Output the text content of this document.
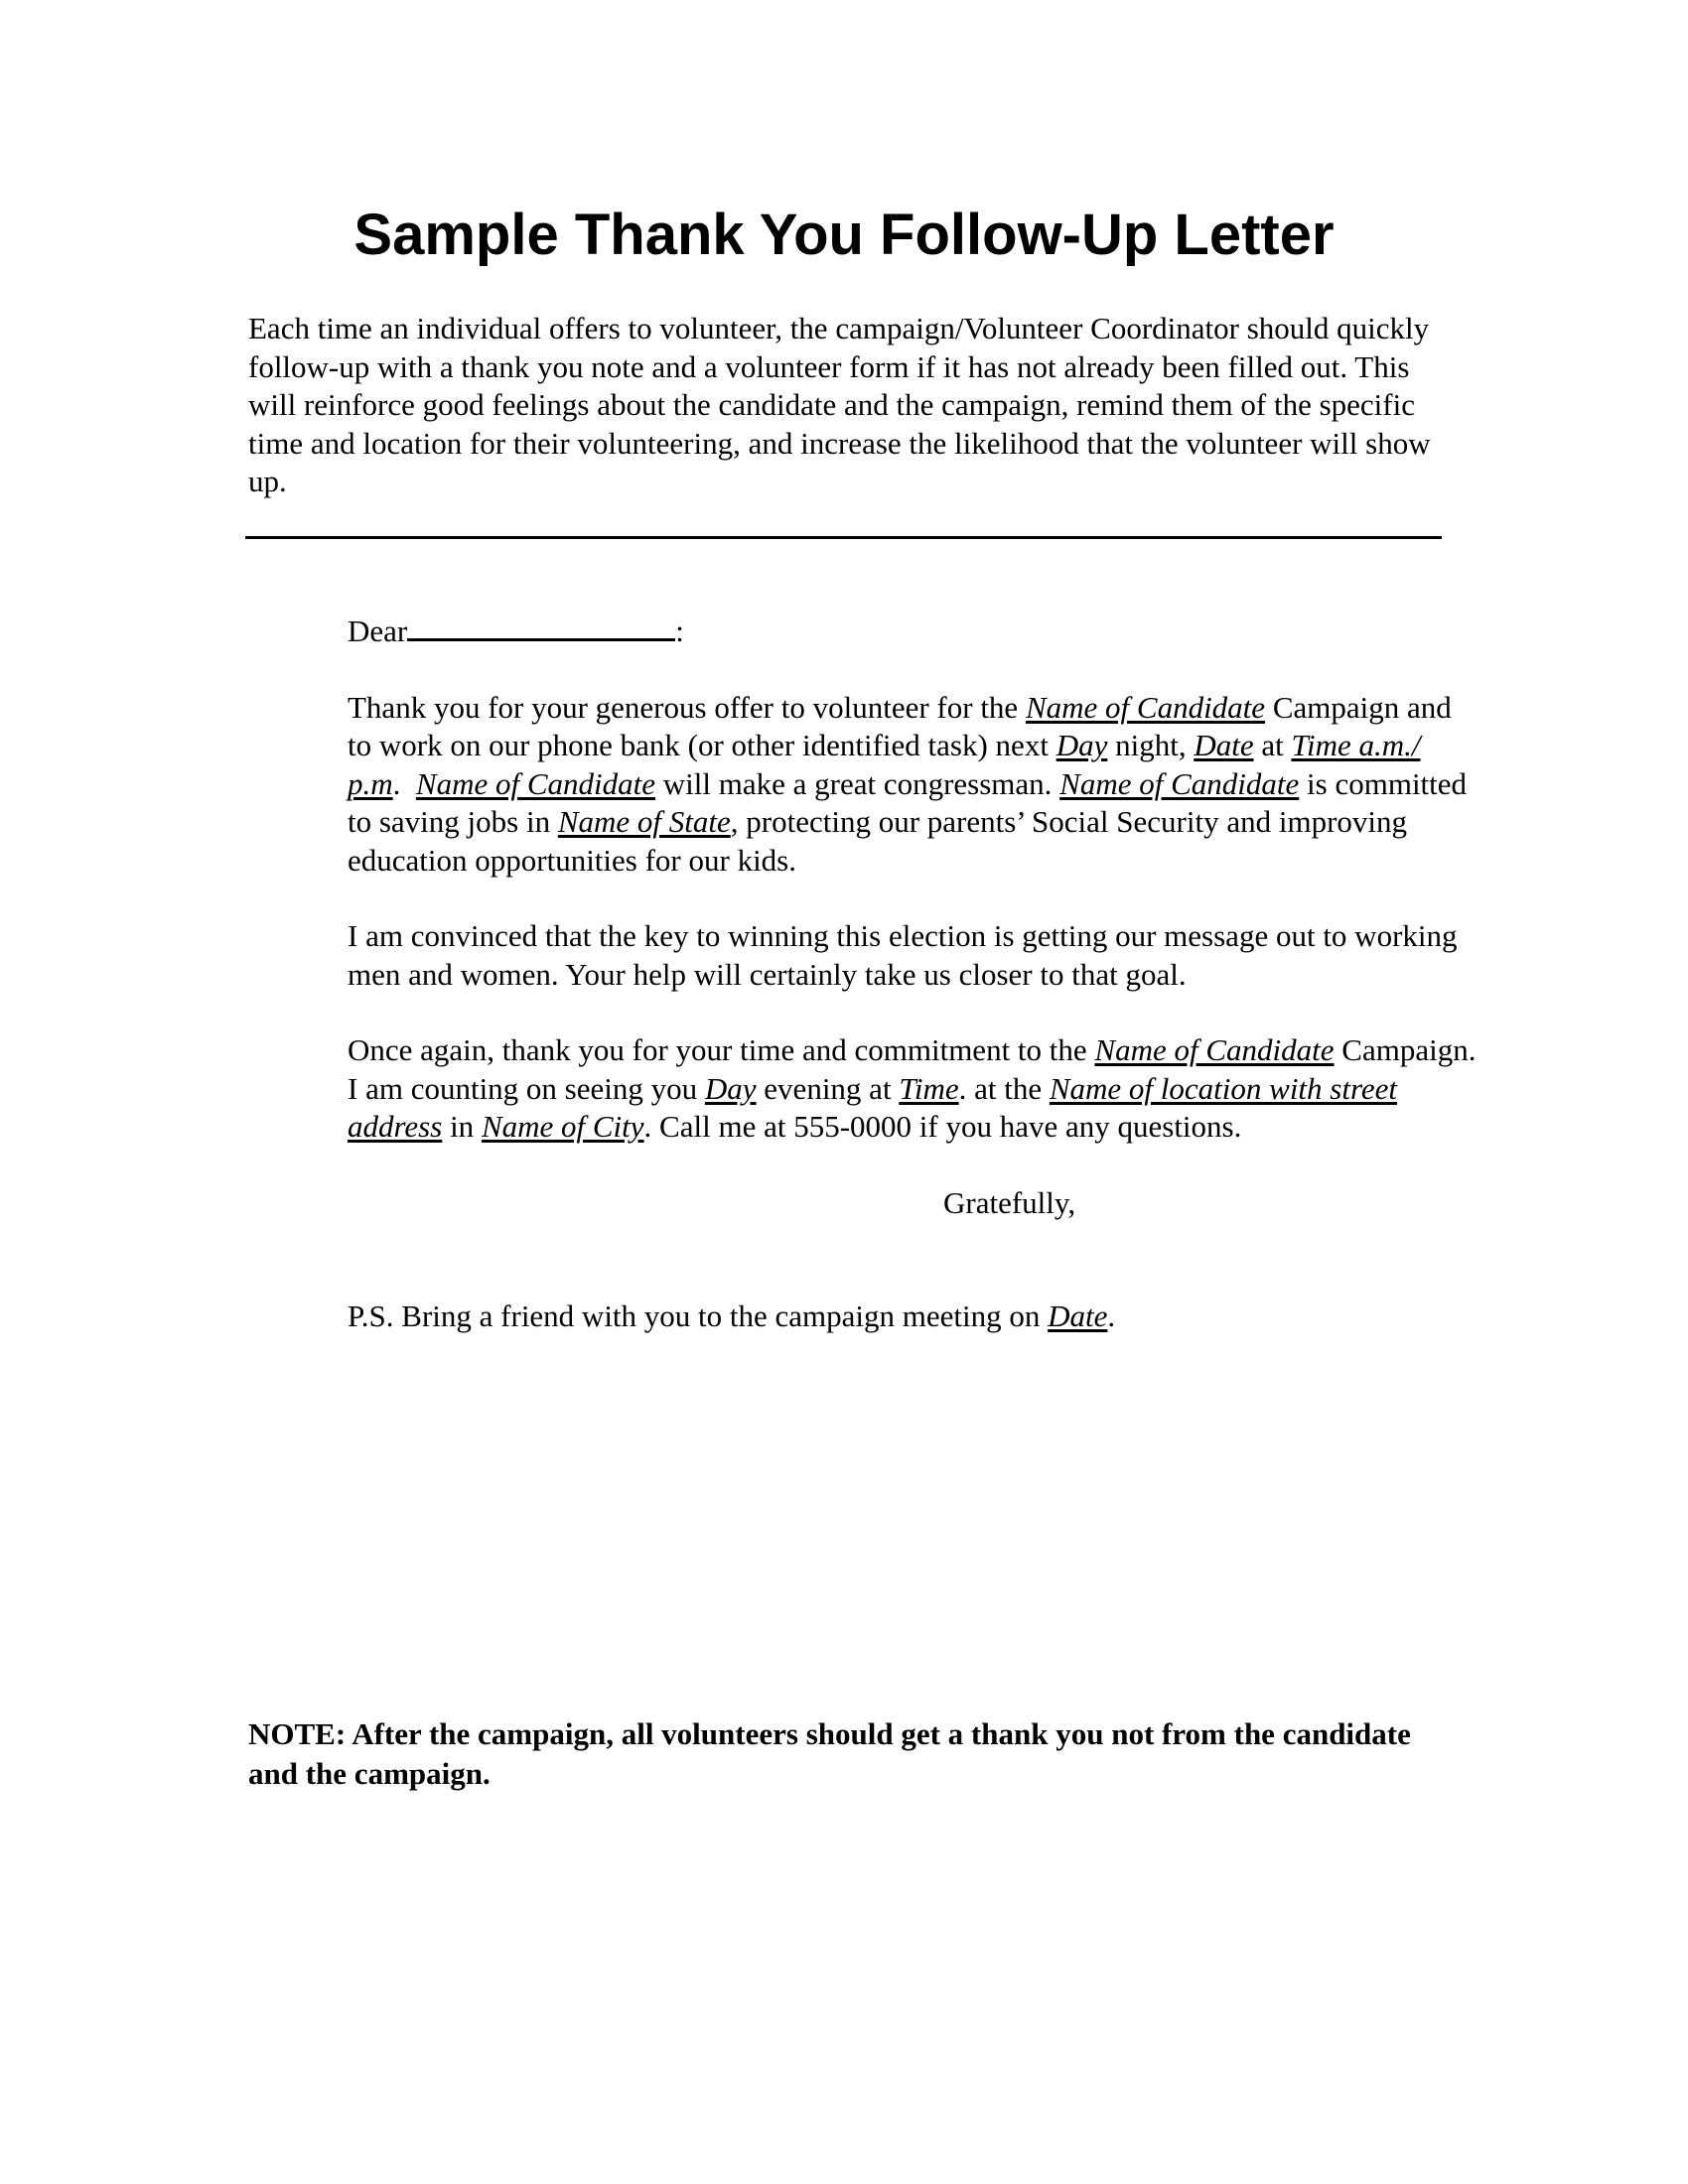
Sample Thank You Follow-Up Letter

Each time an individual offers to volunteer, the campaign/Volunteer Coordinator should quickly follow-up with a thank you note and a volunteer form if it has not already been filled out. This will reinforce good feelings about the candidate and the campaign, remind them of the specific time and location for their volunteering, and increase the likelihood that the volunteer will show up.

Dear	:

Thank you for your generous offer to volunteer for the Name of Candidate Campaign and to work on our phone bank (or other identified task) next Day night, Date at Time a.m./ p.m.  Name of Candidate will make a great congressman. Name of Candidate is committed to saving jobs in Name of State, protecting our parents’ Social Security and improving education opportunities for our kids.

I am convinced that the key to winning this election is getting our message out to working men and women. Your help will certainly take us closer to that goal.

Once again, thank you for your time and commitment to the Name of Candidate Campaign. I am counting on seeing you Day evening at Time. at the Name of location with street address in Name of City. Call me at 555-0000 if you have any questions.

Gratefully,

P.S. Bring a friend with you to the campaign meeting on Date.

NOTE: After the campaign, all volunteers should get a thank you not from the candidate and the campaign.
